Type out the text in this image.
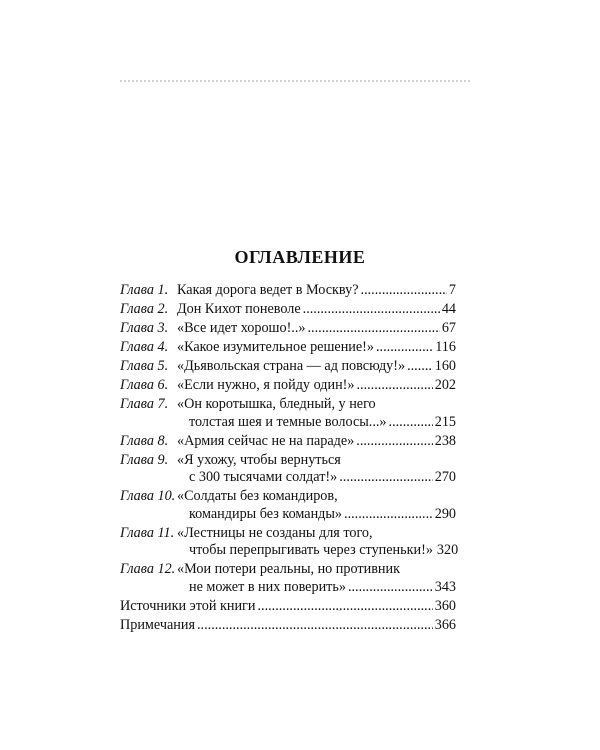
ОГЛАВЛЕНИЕ
Глава 1. Какая дорога ведет в Москву? .....	7
Глава 2. Дон Кихот поневоле .....	44
Глава 3. «Все идет хорошо!..» .....	67
Глава 4. «Какое изумительное решение!» .....	116
Глава 5. «Дьявольская страна — ад повсюду!» ..... 160
Глава 6. «Если нужно, я пойду один!» .....	202
Глава 7. «Он коротышка, бледный, у него
толстая шея и темные волосы...» .....	215
Глава 8. «Армия сейчас не на параде» .....	238
Глава 9. «Я ухожу, чтобы вернуться
с 300 тысячами солдат!» .....	270
Глава 10. «Солдаты без командиров,
командиры без команды» .....	290
Глава 11. «Лестницы не созданы для того,
чтобы перепрыгивать через ступеньки!» 320
Глава 12. «Мои потери реальны, но противник
не может в них поверить» .....	343
Источники этой книги .....	360
Примечания .....	366
